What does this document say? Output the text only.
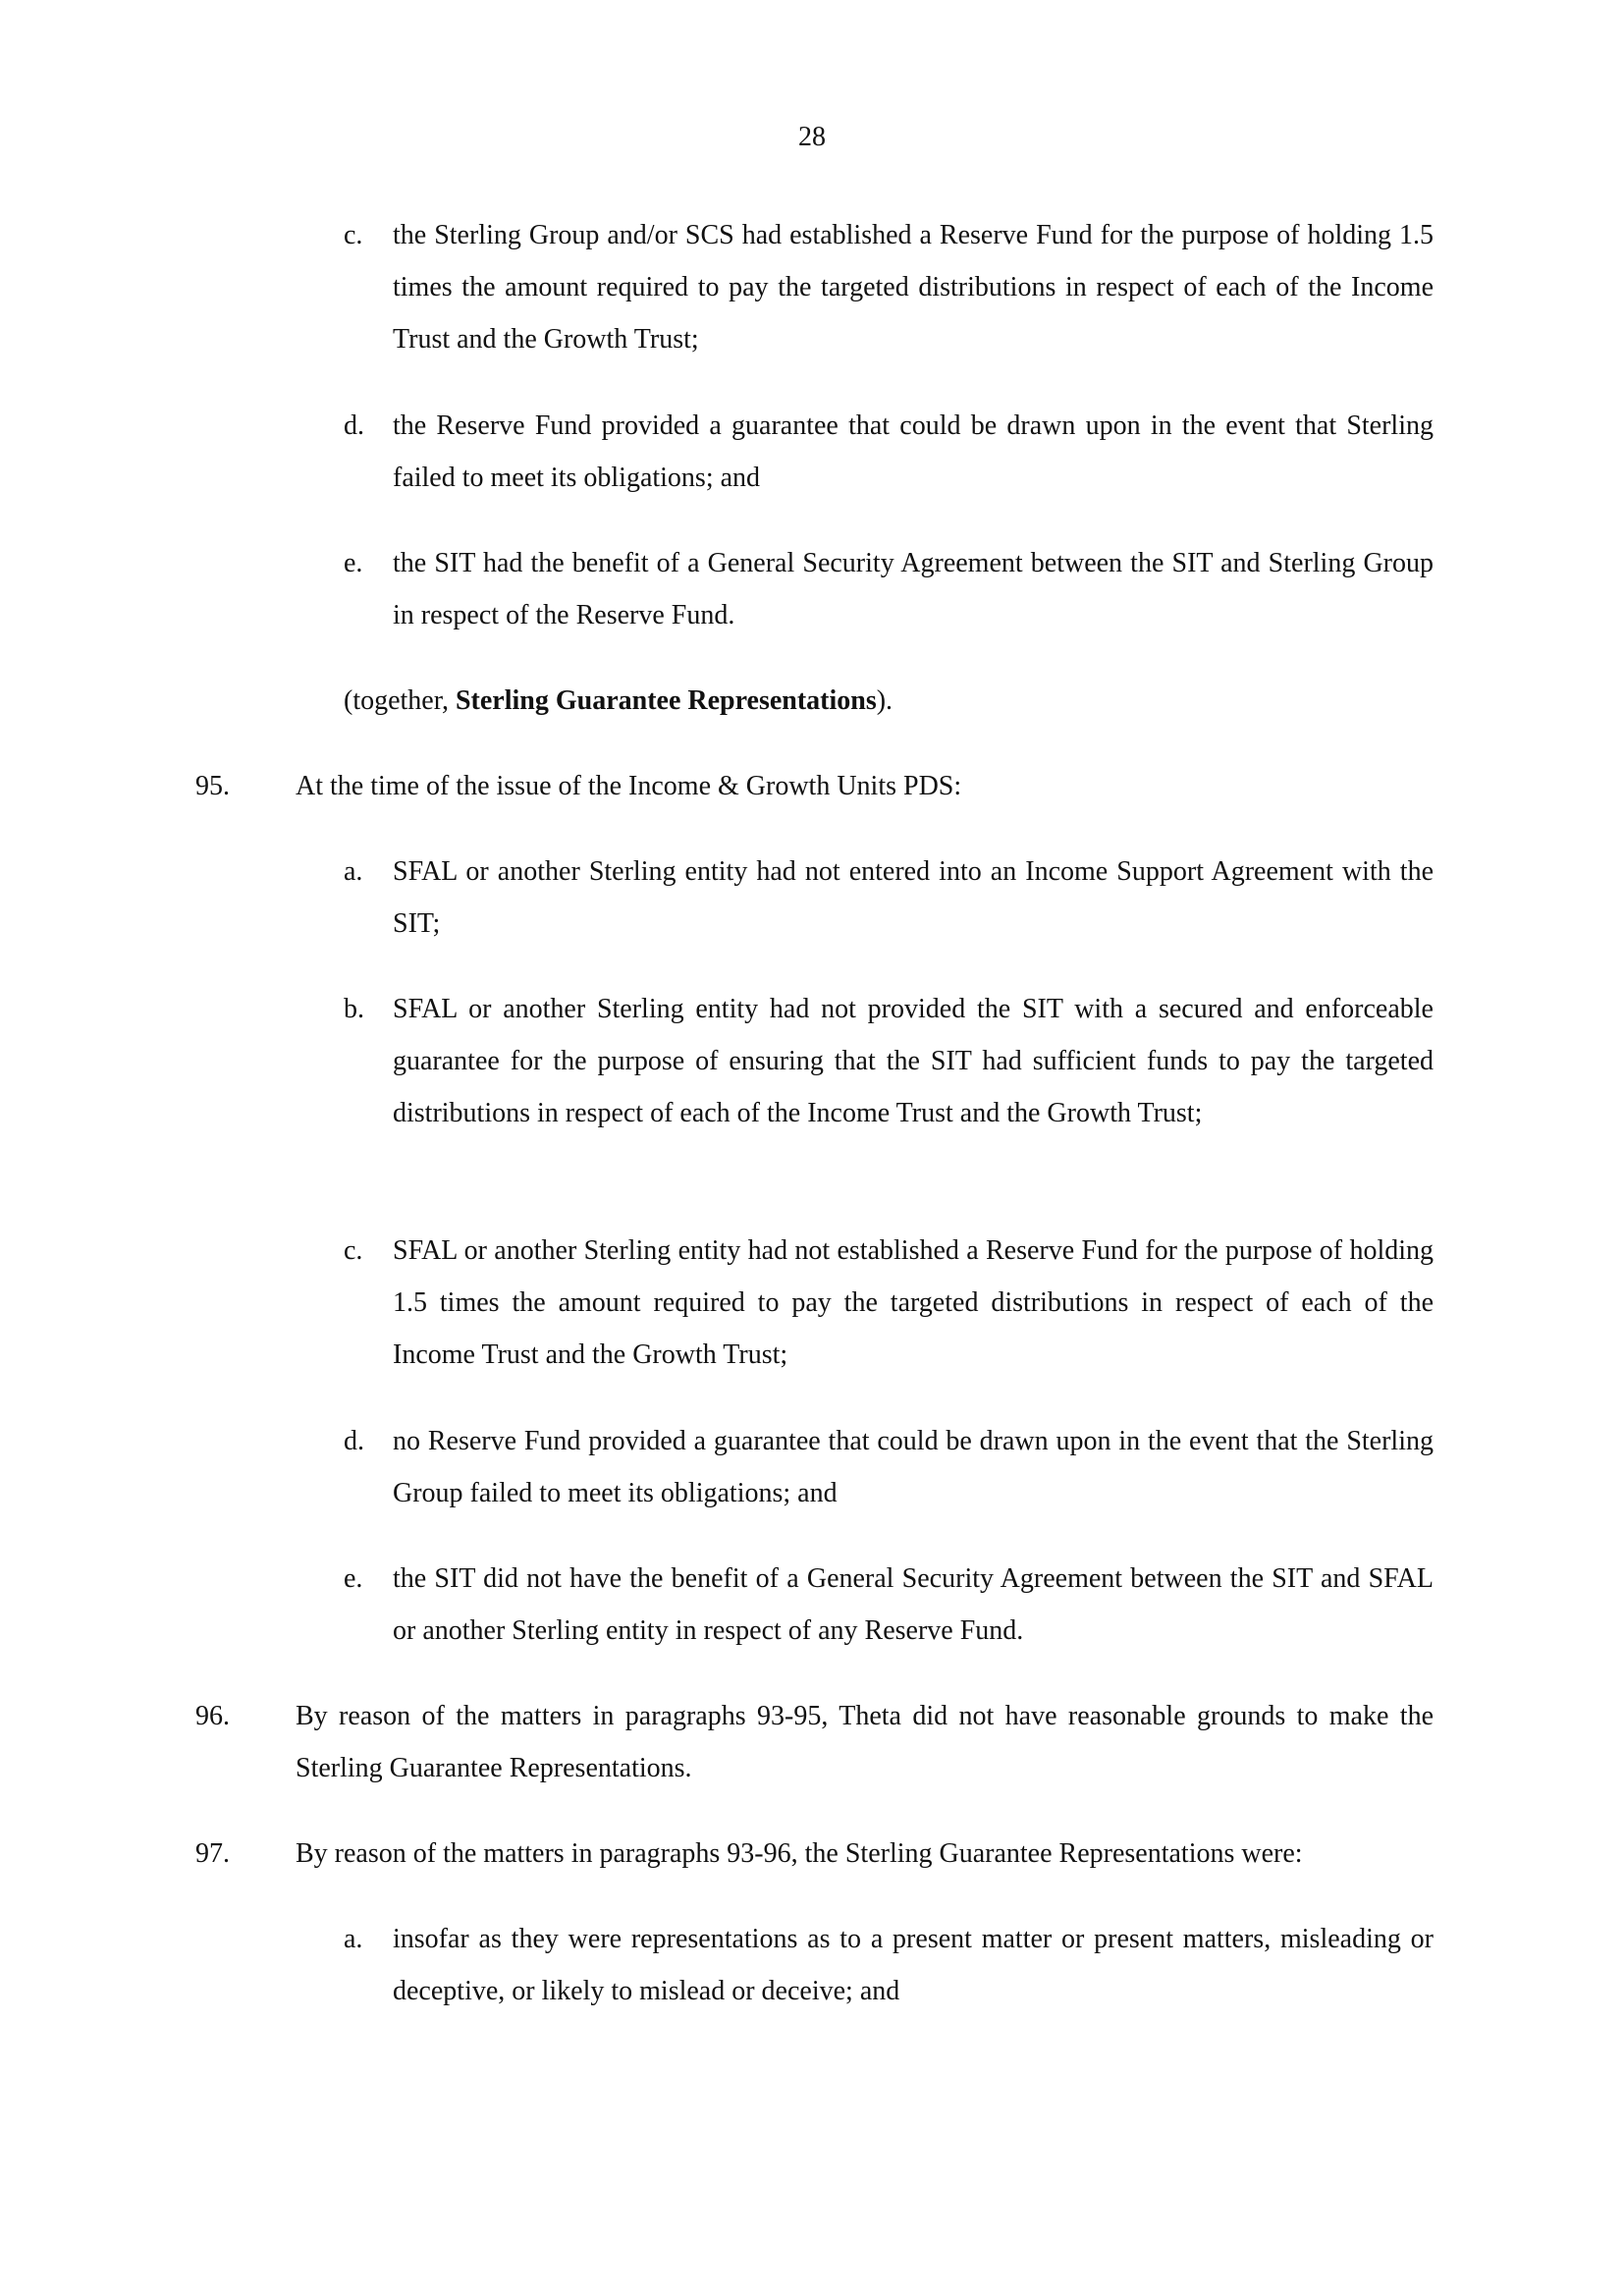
28
c.	the Sterling Group and/or SCS had established a Reserve Fund for the purpose of holding 1.5 times the amount required to pay the targeted distributions in respect of each of the Income Trust and the Growth Trust;
d.	the Reserve Fund provided a guarantee that could be drawn upon in the event that Sterling failed to meet its obligations; and
e.	the SIT had the benefit of a General Security Agreement between the SIT and Sterling Group in respect of the Reserve Fund.
(together, Sterling Guarantee Representations).
95. At the time of the issue of the Income & Growth Units PDS:
a.	SFAL or another Sterling entity had not entered into an Income Support Agreement with the SIT;
b.	SFAL or another Sterling entity had not provided the SIT with a secured and enforceable guarantee for the purpose of ensuring that the SIT had sufficient funds to pay the targeted distributions in respect of each of the Income Trust and the Growth Trust;
c.	SFAL or another Sterling entity had not established a Reserve Fund for the purpose of holding 1.5 times the amount required to pay the targeted distributions in respect of each of the Income Trust and the Growth Trust;
d.	no Reserve Fund provided a guarantee that could be drawn upon in the event that the Sterling Group failed to meet its obligations; and
e.	the SIT did not have the benefit of a General Security Agreement between the SIT and SFAL or another Sterling entity in respect of any Reserve Fund.
96. By reason of the matters in paragraphs 93-95, Theta did not have reasonable grounds to make the Sterling Guarantee Representations.
97. By reason of the matters in paragraphs 93-96, the Sterling Guarantee Representations were:
a.	insofar as they were representations as to a present matter or present matters, misleading or deceptive, or likely to mislead or deceive; and
